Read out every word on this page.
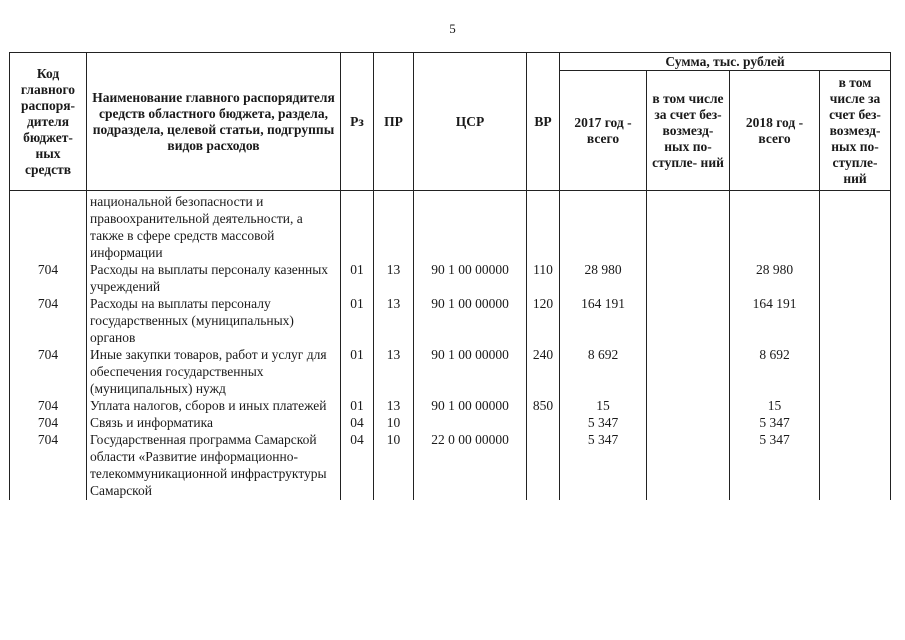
5
Код главного распоря- дителя бюджет- ных средств	Наименование главного распорядителя средств областного бюджета, раздела, подраздела, целевой статьи, подгруппы видов расходов	Рз	ПР	ЦСР	ВР	Сумма, тыс. рублей			
						2017 год - всего	в том числе за счет без- возмезд- ных по- ступле- ний	2018 год - всего	в том числе за счет без- возмезд- ных по- ступле- ний
	национальной безопасности и правоохранительной деятельности, а также в сфере средств массовой информации								
704	Расходы на выплаты персоналу казенных учреждений	01	13	90 1 00 00000	110	28 980		28 980	
704	Расходы на выплаты персоналу государственных (муниципальных) органов	01	13	90 1 00 00000	120	164 191		164 191	
704	Иные закупки товаров, работ и услуг для обеспечения государственных (муниципальных) нужд	01	13	90 1 00 00000	240	8 692		8 692	
704	Уплата налогов, сборов и иных платежей	01	13	90 1 00 00000	850	15		15	
704	Связь и информатика	04	10			5 347		5 347	
704	Государственная программа Самарской области «Развитие информационно- телекоммуникационной инфраструктуры Самарской	04	10	22 0 00 00000		5 347		5 347	
